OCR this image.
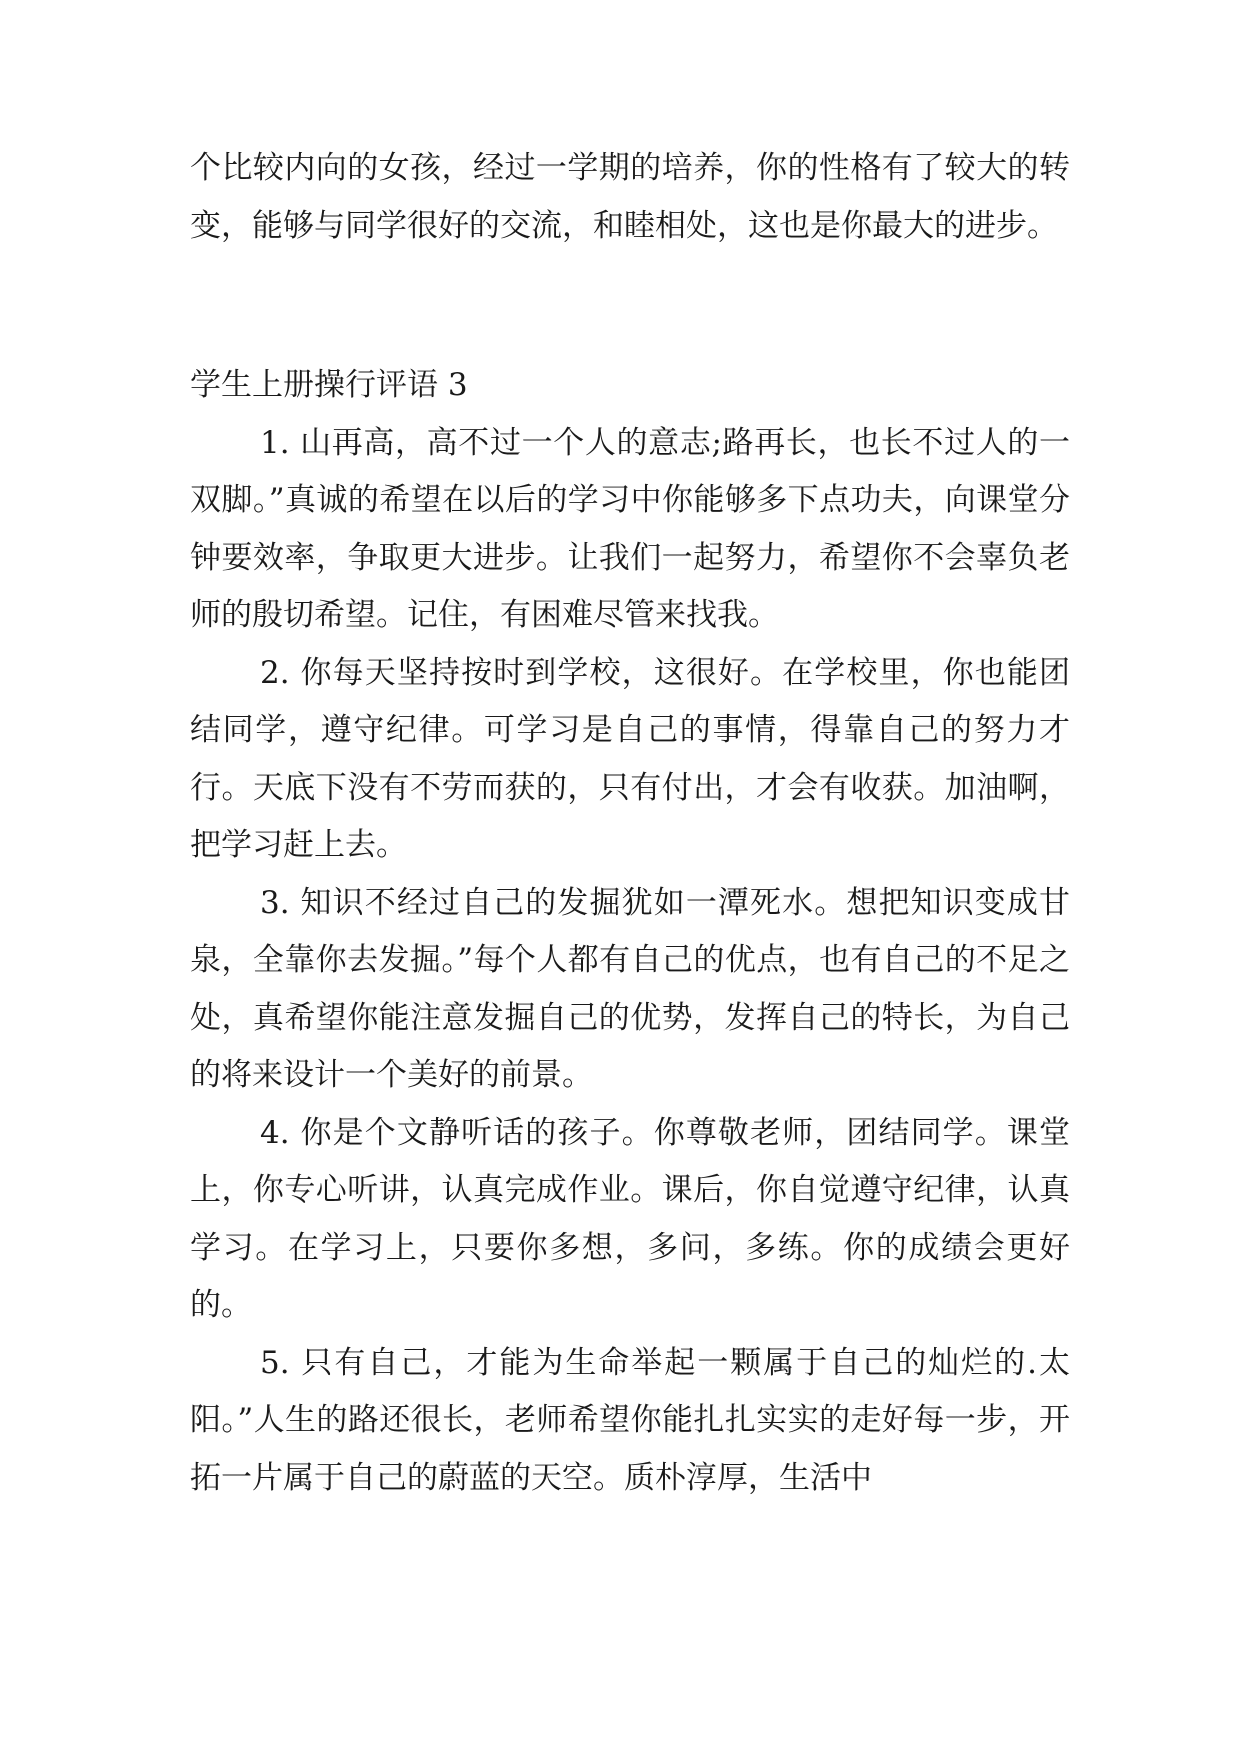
个比较内向的女孩，经过一学期的培养，你的性格有了较大的转变，能够与同学很好的交流，和睦相处，这也是你最大的进步。

学生上册操行评语 3

1. 山再高，高不过一个人的意志;路再长，也长不过人的一双脚。”真诚的希望在以后的学习中你能够多下点功夫，向课堂分钟要效率，争取更大进步。让我们一起努力，希望你不会辜负老师的殷切希望。记住，有困难尽管来找我。

2. 你每天坚持按时到学校，这很好。在学校里，你也能团结同学，遵守纪律。可学习是自己的事情，得靠自己的努力才行。天底下没有不劳而获的，只有付出，才会有收获。加油啊，把学习赶上去。

3. 知识不经过自己的发掘犹如一潭死水。想把知识变成甘泉，全靠你去发掘。”每个人都有自己的优点，也有自己的不足之处，真希望你能注意发掘自己的优势，发挥自己的特长，为自己的将来设计一个美好的前景。

4. 你是个文静听话的孩子。你尊敬老师，团结同学。课堂上，你专心听讲，认真完成作业。课后，你自觉遵守纪律，认真学习。在学习上，只要你多想，多问，多练。你的成绩会更好的。

5. 只有自己，才能为生命举起一颗属于自己的灿烂的.太阳。”人生的路还很长，老师希望你能扎扎实实的走好每一步，开拓一片属于自己的蔚蓝的天空。质朴淳厚，生活中
